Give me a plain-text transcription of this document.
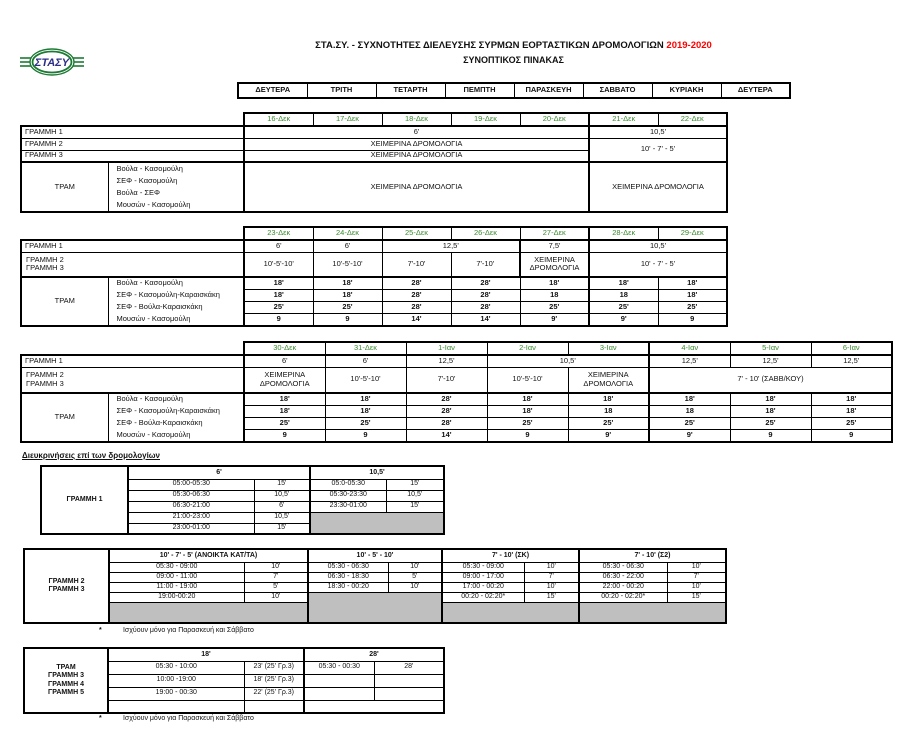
ΣΤΑΣΥ
ΣΤΑ.ΣΥ. - ΣΥΧΝΟΤΗΤΕΣ ΔΙΕΛΕΥΣΗΣ ΣΥΡΜΩΝ ΕΟΡΤΑΣΤΙΚΩΝ ΔΡΟΜΟΛΟΓΙΩΝ 2019-2020
ΣΥΝΟΠΤΙΚΟΣ ΠΙΝΑΚΑΣ
ΔΕΥΤΕΡΑ	ΤΡΙΤΗ	ΤΕΤΑΡΤΗ	ΠΕΜΠΤΗ	ΠΑΡΑΣΚΕΥΗ	ΣΑΒΒΑΤΟ	ΚΥΡΙΑΚΗ	ΔΕΥΤΕΡΑ
		16-Δεκ	17-Δεκ	18-Δεκ	19-Δεκ	20-Δεκ	21-Δεκ	22-Δεκ
ΓΡΑΜΜΗ 1		6'					10,5'	
ΓΡΑΜΜΗ 2		ΧΕΙΜΕΡΙΝΑ ΔΡΟΜΟΛΟΓΙΑ					10' - 7' - 5'	
ΓΡΑΜΜΗ 3		ΧΕΙΜΕΡΙΝΑ ΔΡΟΜΟΛΟΓΙΑ						
ΤΡΑΜ	Βούλα - Κασομούλη
ΣΕΦ - Κασομούλη
Βούλα - ΣΕΦ
Μουσών - Κασομούλη	ΧΕΙΜΕΡΙΝΑ ΔΡΟΜΟΛΟΓΙΑ					ΧΕΙΜΕΡΙΝΑ ΔΡΟΜΟΛΟΓΙΑ	
		23-Δεκ	24-Δεκ	25-Δεκ	26-Δεκ	27-Δεκ	28-Δεκ	29-Δεκ
ΓΡΑΜΜΗ 1		6'	6'	12,5'		7,5'	10,5'	

ΓΡΑΜΜΗ 2
ΓΡΑΜΜΗ 3		10'-5'-10'	10'-5'-10'	7'-10'	7'-10'	ΧΕΙΜΕΡΙΝΑ ΔΡΟΜΟΛΟΓΙΑ	10' - 7' - 5'	
ΤΡΑΜ	Βούλα - Κασομούλη	18'	18'	28'	28'	18'	18'	18'
	ΣΕΦ - Κασομούλη-Καραισκάκη	18'	18'	28'	28'	18	18	18'
	ΣΕΦ - Βούλα-Καραισκάκη	25'	25'	28'	28'	25'	25'	25'
	Μουσών - Κασομούλη	9	9	14'	14'	9'	9'	9
		30-Δεκ	31-Δεκ	1-Ιαν	2-Ιαν	3-Ιαν	4-Ιαν	5-Ιαν	6-Ιαν
ΓΡΑΜΜΗ 1		6'	6'	12,5'	10,5'		12,5'	12,5'	12,5'

ΓΡΑΜΜΗ 2
ΓΡΑΜΜΗ 3		ΧΕΙΜΕΡΙΝΑ ΔΡΟΜΟΛΟΓΙΑ	10'-5'-10'	7'-10'	10'-5'-10'	ΧΕΙΜΕΡΙΝΑ ΔΡΟΜΟΛΟΓΙΑ	7' - 10' (ΣΑΒΒ/ΚΟΥ)		
ΤΡΑΜ	Βούλα - Κασομούλη	18'	18'	28'	18'	18'	18'	18'	18'
	ΣΕΦ - Κασομούλη-Καραισκάκη	18'	18'	28'	18'	18	18	18'	18'
	ΣΕΦ - Βούλα-Καραισκάκη	25'	25'	28'	25'	25'	25'	25'	25'
	Μουσών - Κασομούλη	9	9	14'	9	9'	9'	9	9
Διευκρινήσεις επί των δρομολογίων
ΓΡΑΜΜΗ 1	6'		10,5'	
	05:00-05:30	15'	05:0-05:30	15'
	05:30-06:30	10,5'	05:30-23:30	10,5'
	06:30-21:00	6'	23:30-01:00	15'
	21:00-23:00	10,5'		
	23:00-01:00	15'		
ΓΡΑΜΜΗ 2
ΓΡΑΜΜΗ 3	10' - 7' - 5' (ΑΝΟΙΚΤΑ ΚΑΤ/ΤΑ)		10' - 5' - 10'		7' - 10' (ΣΚ)		7' - 10' (Σ2)	
	05:30 - 09:00	10'	05:30 - 06:30	10'	05:30 - 09:00	10'	05:30 - 06:30	10'
	09:00 - 11:00	7'	06:30 - 18:30	5'	09:00 - 17:00	7'	06:30 - 22:00	7'
	11:00 - 19:00	5'	18:30 - 00:20	10'	17:00 - 00:20	10'	22:00 - 00:20	10'
	19:00-00:20	10'			00:20 - 02:20*	15'	00:20 - 02:20*	15'

*	Ισχύουν μόνο για Παρασκευή και Σάββατο
ΤΡΑΜ
ΓΡΑΜΜΗ 3
ΓΡΑΜΜΗ 4
ΓΡΑΜΜΗ 5	18'		28'	
	05:30 - 10:00	23' (25' Γρ.3)	05:30 - 00:30	28'
	10:00 -19:00	18' (25' Γρ.3)		
	19:00 - 00:30	22' (25' Γρ.3)		

*	Ισχύουν μόνο για Παρασκευή και Σάββατο
